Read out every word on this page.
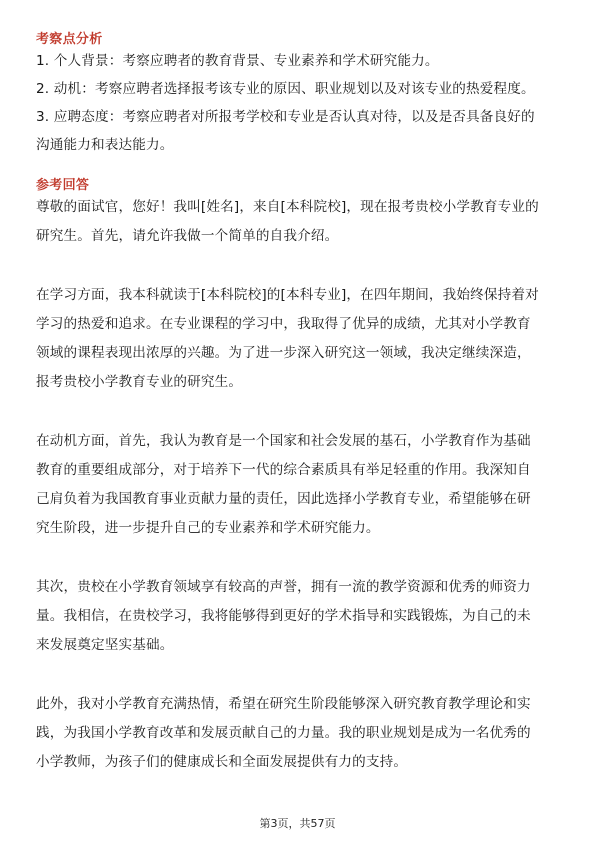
考察点分析
1. 个人背景：考察应聘者的教育背景、专业素养和学术研究能力。
2. 动机：考察应聘者选择报考该专业的原因、职业规划以及对该专业的热爱程度。
3. 应聘态度：考察应聘者对所报考学校和专业是否认真对待，以及是否具备良好的
沟通能力和表达能力。
参考回答
尊敬的面试官，您好！我叫[姓名]，来自[本科院校]，现在报考贵校小学教育专业的
研究生。首先，请允许我做一个简单的自我介绍。
在学习方面，我本科就读于[本科院校]的[本科专业]，在四年期间，我始终保持着对
学习的热爱和追求。在专业课程的学习中，我取得了优异的成绩，尤其对小学教育
领域的课程表现出浓厚的兴趣。为了进一步深入研究这一领域，我决定继续深造，
报考贵校小学教育专业的研究生。
在动机方面，首先，我认为教育是一个国家和社会发展的基石，小学教育作为基础
教育的重要组成部分，对于培养下一代的综合素质具有举足轻重的作用。我深知自
己肩负着为我国教育事业贡献力量的责任，因此选择小学教育专业，希望能够在研
究生阶段，进一步提升自己的专业素养和学术研究能力。
其次，贵校在小学教育领域享有较高的声誉，拥有一流的教学资源和优秀的师资力
量。我相信，在贵校学习，我将能够得到更好的学术指导和实践锻炼，为自己的未
来发展奠定坚实基础。
此外，我对小学教育充满热情，希望在研究生阶段能够深入研究教育教学理论和实
践，为我国小学教育改革和发展贡献自己的力量。我的职业规划是成为一名优秀的
小学教师，为孩子们的健康成长和全面发展提供有力的支持。
第3页，共57页
